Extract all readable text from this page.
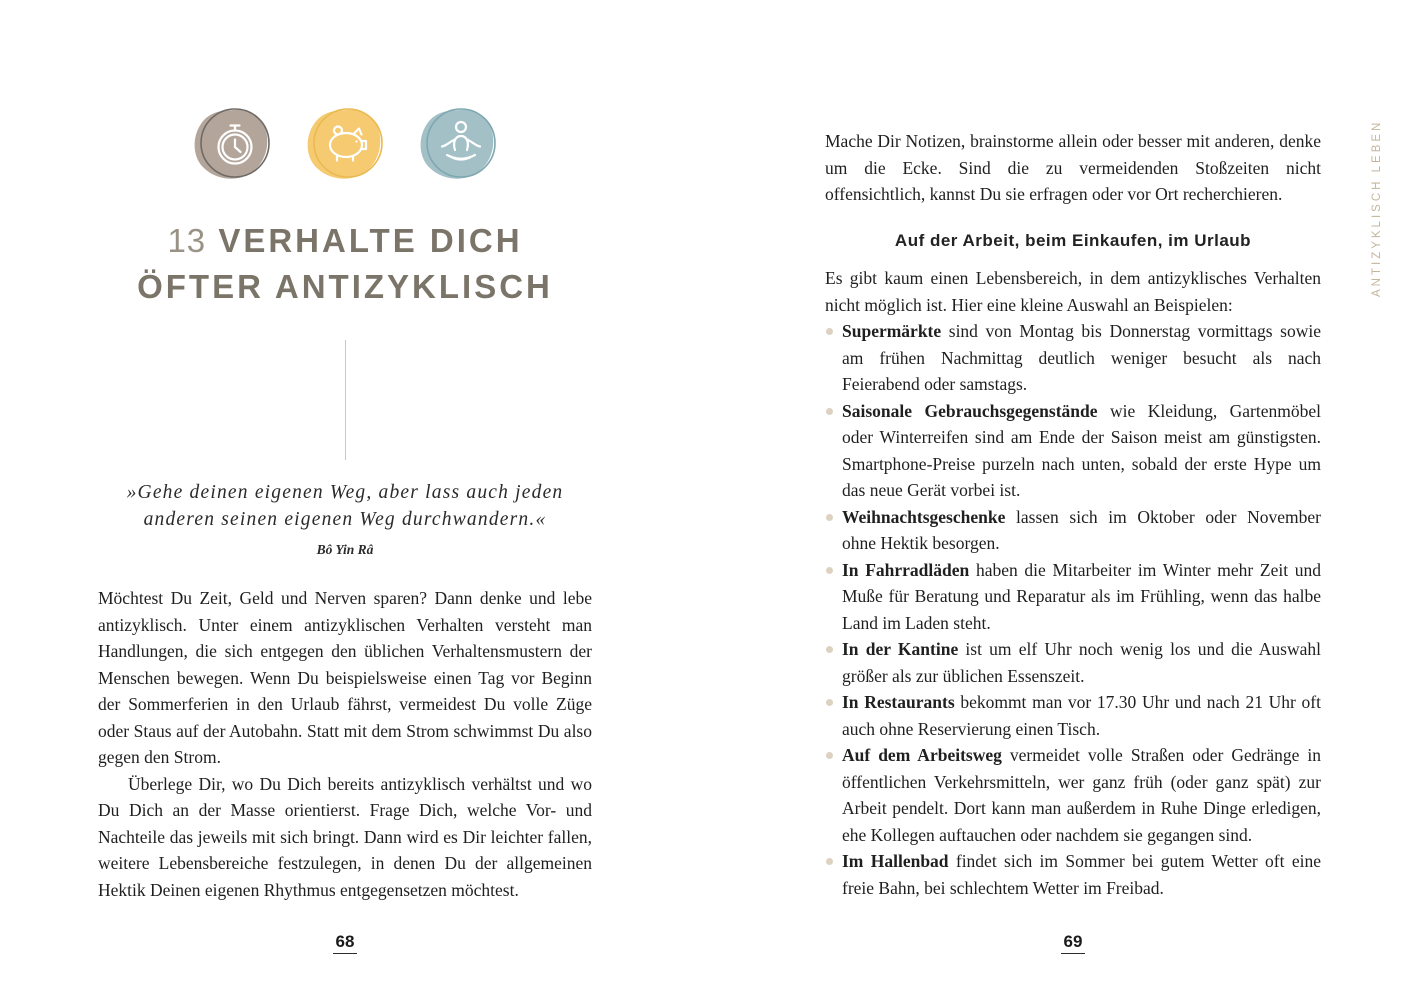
13 VERHALTE DICH
ÖFTER ANTIZYKLISCH
»Gehe deinen eigenen Weg, aber lass auch jeden
anderen seinen eigenen Weg durchwandern.«
Bô Yin Râ

Möchtest Du Zeit, Geld und Nerven sparen? Dann denke und lebe antizyklisch. Unter einem antizyklischen Verhalten versteht man Handlungen, die sich entgegen den üblichen Verhaltensmustern der Menschen bewegen. Wenn Du beispielsweise einen Tag vor Beginn der Sommerferien in den Urlaub fährst, vermeidest Du volle Züge oder Staus auf der Autobahn. Statt mit dem Strom schwimmst Du also gegen den Strom.

Überlege Dir, wo Du Dich bereits antizyklisch verhältst und wo Du Dich an der Masse orientierst. Frage Dich, welche Vor- und Nachteile das jeweils mit sich bringt. Dann wird es Dir leichter fallen, weitere Lebensbereiche festzulegen, in denen Du der allgemeinen Hektik Deinen eigenen Rhythmus entgegensetzen möchtest.

Mache Dir Notizen, brainstorme allein oder besser mit anderen, denke um die Ecke. Sind die zu vermeidenden Stoßzeiten nicht offensichtlich, kannst Du sie erfragen oder vor Ort recherchieren.

Auf der Arbeit, beim Einkaufen, im Urlaub

Es gibt kaum einen Lebensbereich, in dem antizyklisches Verhalten nicht möglich ist. Hier eine kleine Auswahl an Beispielen:

Supermärkte sind von Montag bis Donnerstag vormittags sowie am frühen Nachmittag deutlich weniger besucht als nach Feierabend oder samstags.
Saisonale Gebrauchsgegenstände wie Kleidung, Gartenmöbel oder Winterreifen sind am Ende der Saison meist am günstigsten. Smartphone-Preise purzeln nach unten, sobald der erste Hype um das neue Gerät vorbei ist.
Weihnachtsgeschenke lassen sich im Oktober oder November ohne Hektik besorgen.
In Fahrradläden haben die Mitarbeiter im Winter mehr Zeit und Muße für Beratung und Reparatur als im Frühling, wenn das halbe Land im Laden steht.
In der Kantine ist um elf Uhr noch wenig los und die Auswahl größer als zur üblichen Essenszeit.
In Restaurants bekommt man vor 17.30 Uhr und nach 21 Uhr oft auch ohne Reservierung einen Tisch.
Auf dem Arbeitsweg vermeidet volle Straßen oder Gedränge in öffentlichen Verkehrsmitteln, wer ganz früh (oder ganz spät) zur Arbeit pendelt. Dort kann man außerdem in Ruhe Dinge erledigen, ehe Kollegen auftauchen oder nachdem sie gegangen sind.
Im Hallenbad findet sich im Sommer bei gutem Wetter oft eine freie Bahn, bei schlechtem Wetter im Freibad.
68	69
ANTIZYKLISCH LEBEN
